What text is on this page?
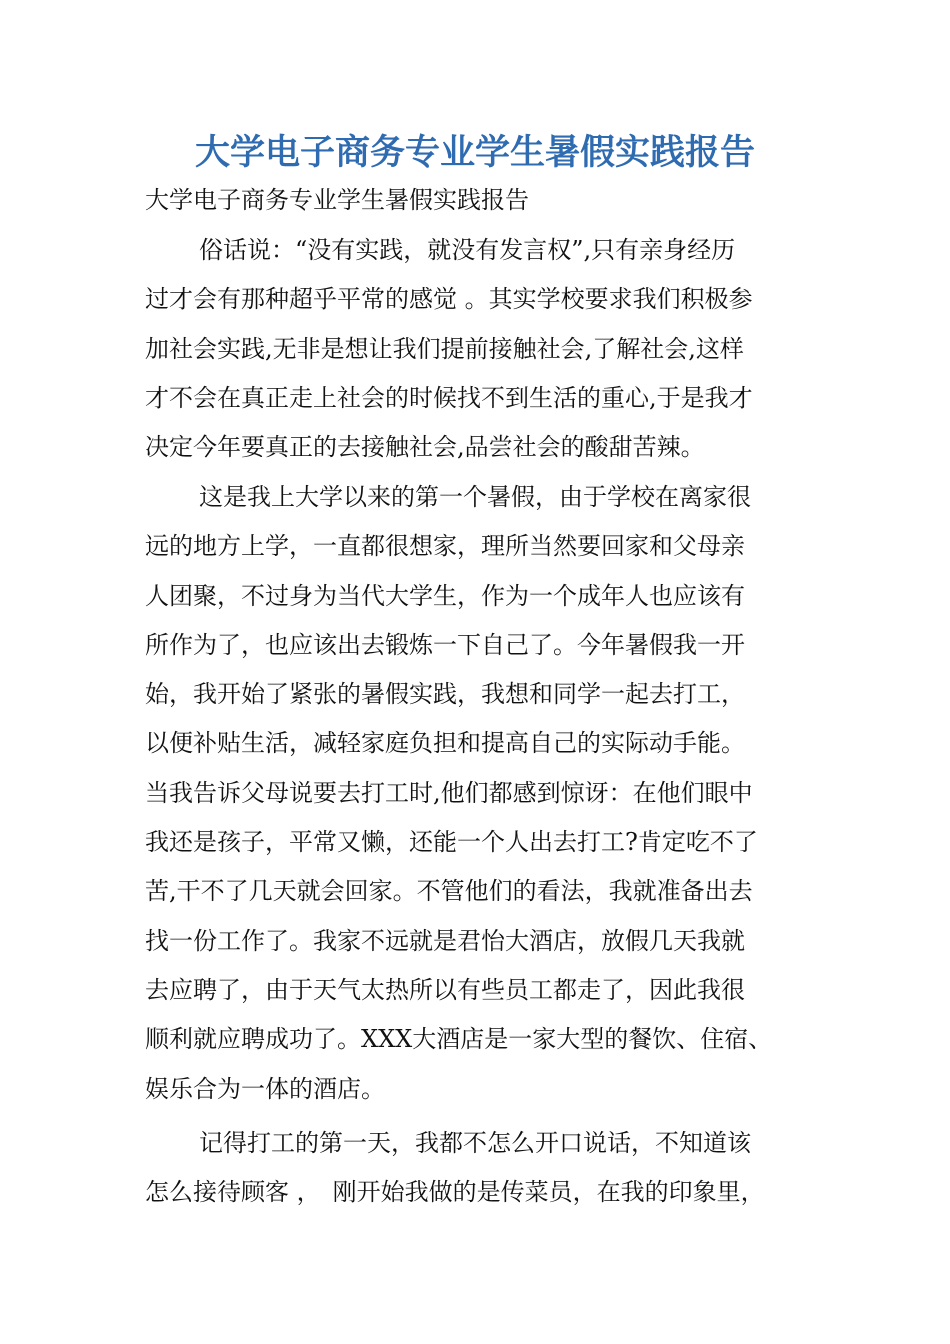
大学电子商务专业学生暑假实践报告
大学电子商务专业学生暑假实践报告
俗话说：“没有实践，就没有发言权”,只有亲身经历
过才会有那种超乎平常的感觉 。其实学校要求我们积极参
加社会实践,无非是想让我们提前接触社会,了解社会,这样
才不会在真正走上社会的时候找不到生活的重心,于是我才
决定今年要真正的去接触社会,品尝社会的酸甜苦辣。
这是我上大学以来的第一个暑假，由于学校在离家很
远的地方上学，一直都很想家，理所当然要回家和父母亲
人团聚，不过身为当代大学生，作为一个成年人也应该有
所作为了，也应该出去锻炼一下自己了。今年暑假我一开
始，我开始了紧张的暑假实践，我想和同学一起去打工，
以便补贴生活，减轻家庭负担和提高自己的实际动手能。
当我告诉父母说要去打工时,他们都感到惊讶：在他们眼中
我还是孩子，平常又懒，还能一个人出去打工?肯定吃不了
苦,干不了几天就会回家。不管他们的看法，我就准备出去
找一份工作了。我家不远就是君怡大酒店，放假几天我就
去应聘了，由于天气太热所以有些员工都走了，因此我很
顺利就应聘成功了。XXX大酒店是一家大型的餐饮、住宿、
娱乐合为一体的酒店。
记得打工的第一天，我都不怎么开口说话，不知道该
怎么接待顾客 ，　刚开始我做的是传菜员，在我的印象里，
